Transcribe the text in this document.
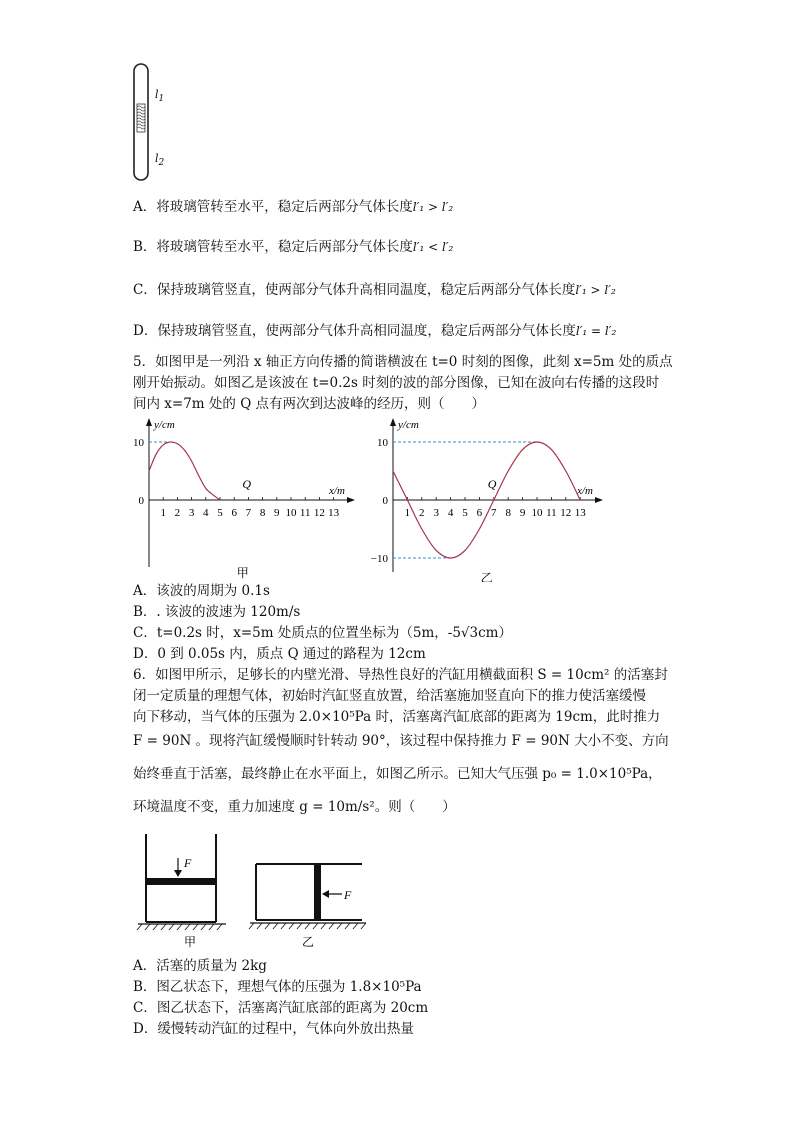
$l_1$
$l_2$
A．将玻璃管转至水平，稳定后两部分气体长度l′₁ > l′₂
B．将玻璃管转至水平，稳定后两部分气体长度l′₁ < l′₂
C．保持玻璃管竖直，使两部分气体升高相同温度，稳定后两部分气体长度l′₁ > l′₂
D．保持玻璃管竖直，使两部分气体升高相同温度，稳定后两部分气体长度l′₁ = l′₂
5．如图甲是一列沿 x 轴正方向传播的简谐横波在 t=0 时刻的图像，此刻 x=5m 处的质点
刚开始振动。如图乙是该波在 t=0.2s 时刻的波的部分图像，已知在波向右传播的这段时
间内 x=7m 处的 Q 点有两次到达波峰的经历，则（　　）
y/cm
x/m
1 2 3 4 5 6 7 8 9 10 11 12 13
10
0
Q
甲
y/cm
x/m
1 2 3 4 5 6 7 8 9 10 11 12 13
10
0
−10
Q
乙
A．该波的周期为 0.1s
B．. 该波的波速为 120m/s
C．t=0.2s 时，x=5m 处质点的位置坐标为（5m，-5√3cm）
D．0 到 0.05s 内，质点 Q 通过的路程为 12cm
6．如图甲所示，足够长的内壁光滑、导热性良好的汽缸用横截面积 S = 10cm² 的活塞封
闭一定质量的理想气体，初始时汽缸竖直放置，给活塞施加竖直向下的推力使活塞缓慢
向下移动，当气体的压强为 2.0×10⁵Pa 时，活塞离汽缸底部的距离为 19cm，此时推力
F = 90N 。现将汽缸缓慢顺时针转动 90°，该过程中保持推力 F = 90N 大小不变、方向
始终垂直于活塞，最终静止在水平面上，如图乙所示。已知大气压强 p₀ = 1.0×10⁵Pa，
环境温度不变，重力加速度 g = 10m/s²。则（　　）
F
甲
F
乙
A．活塞的质量为 2kg
B．图乙状态下，理想气体的压强为 1.8×10⁵Pa
C．图乙状态下，活塞离汽缸底部的距离为 20cm
D．缓慢转动汽缸的过程中，气体向外放出热量
